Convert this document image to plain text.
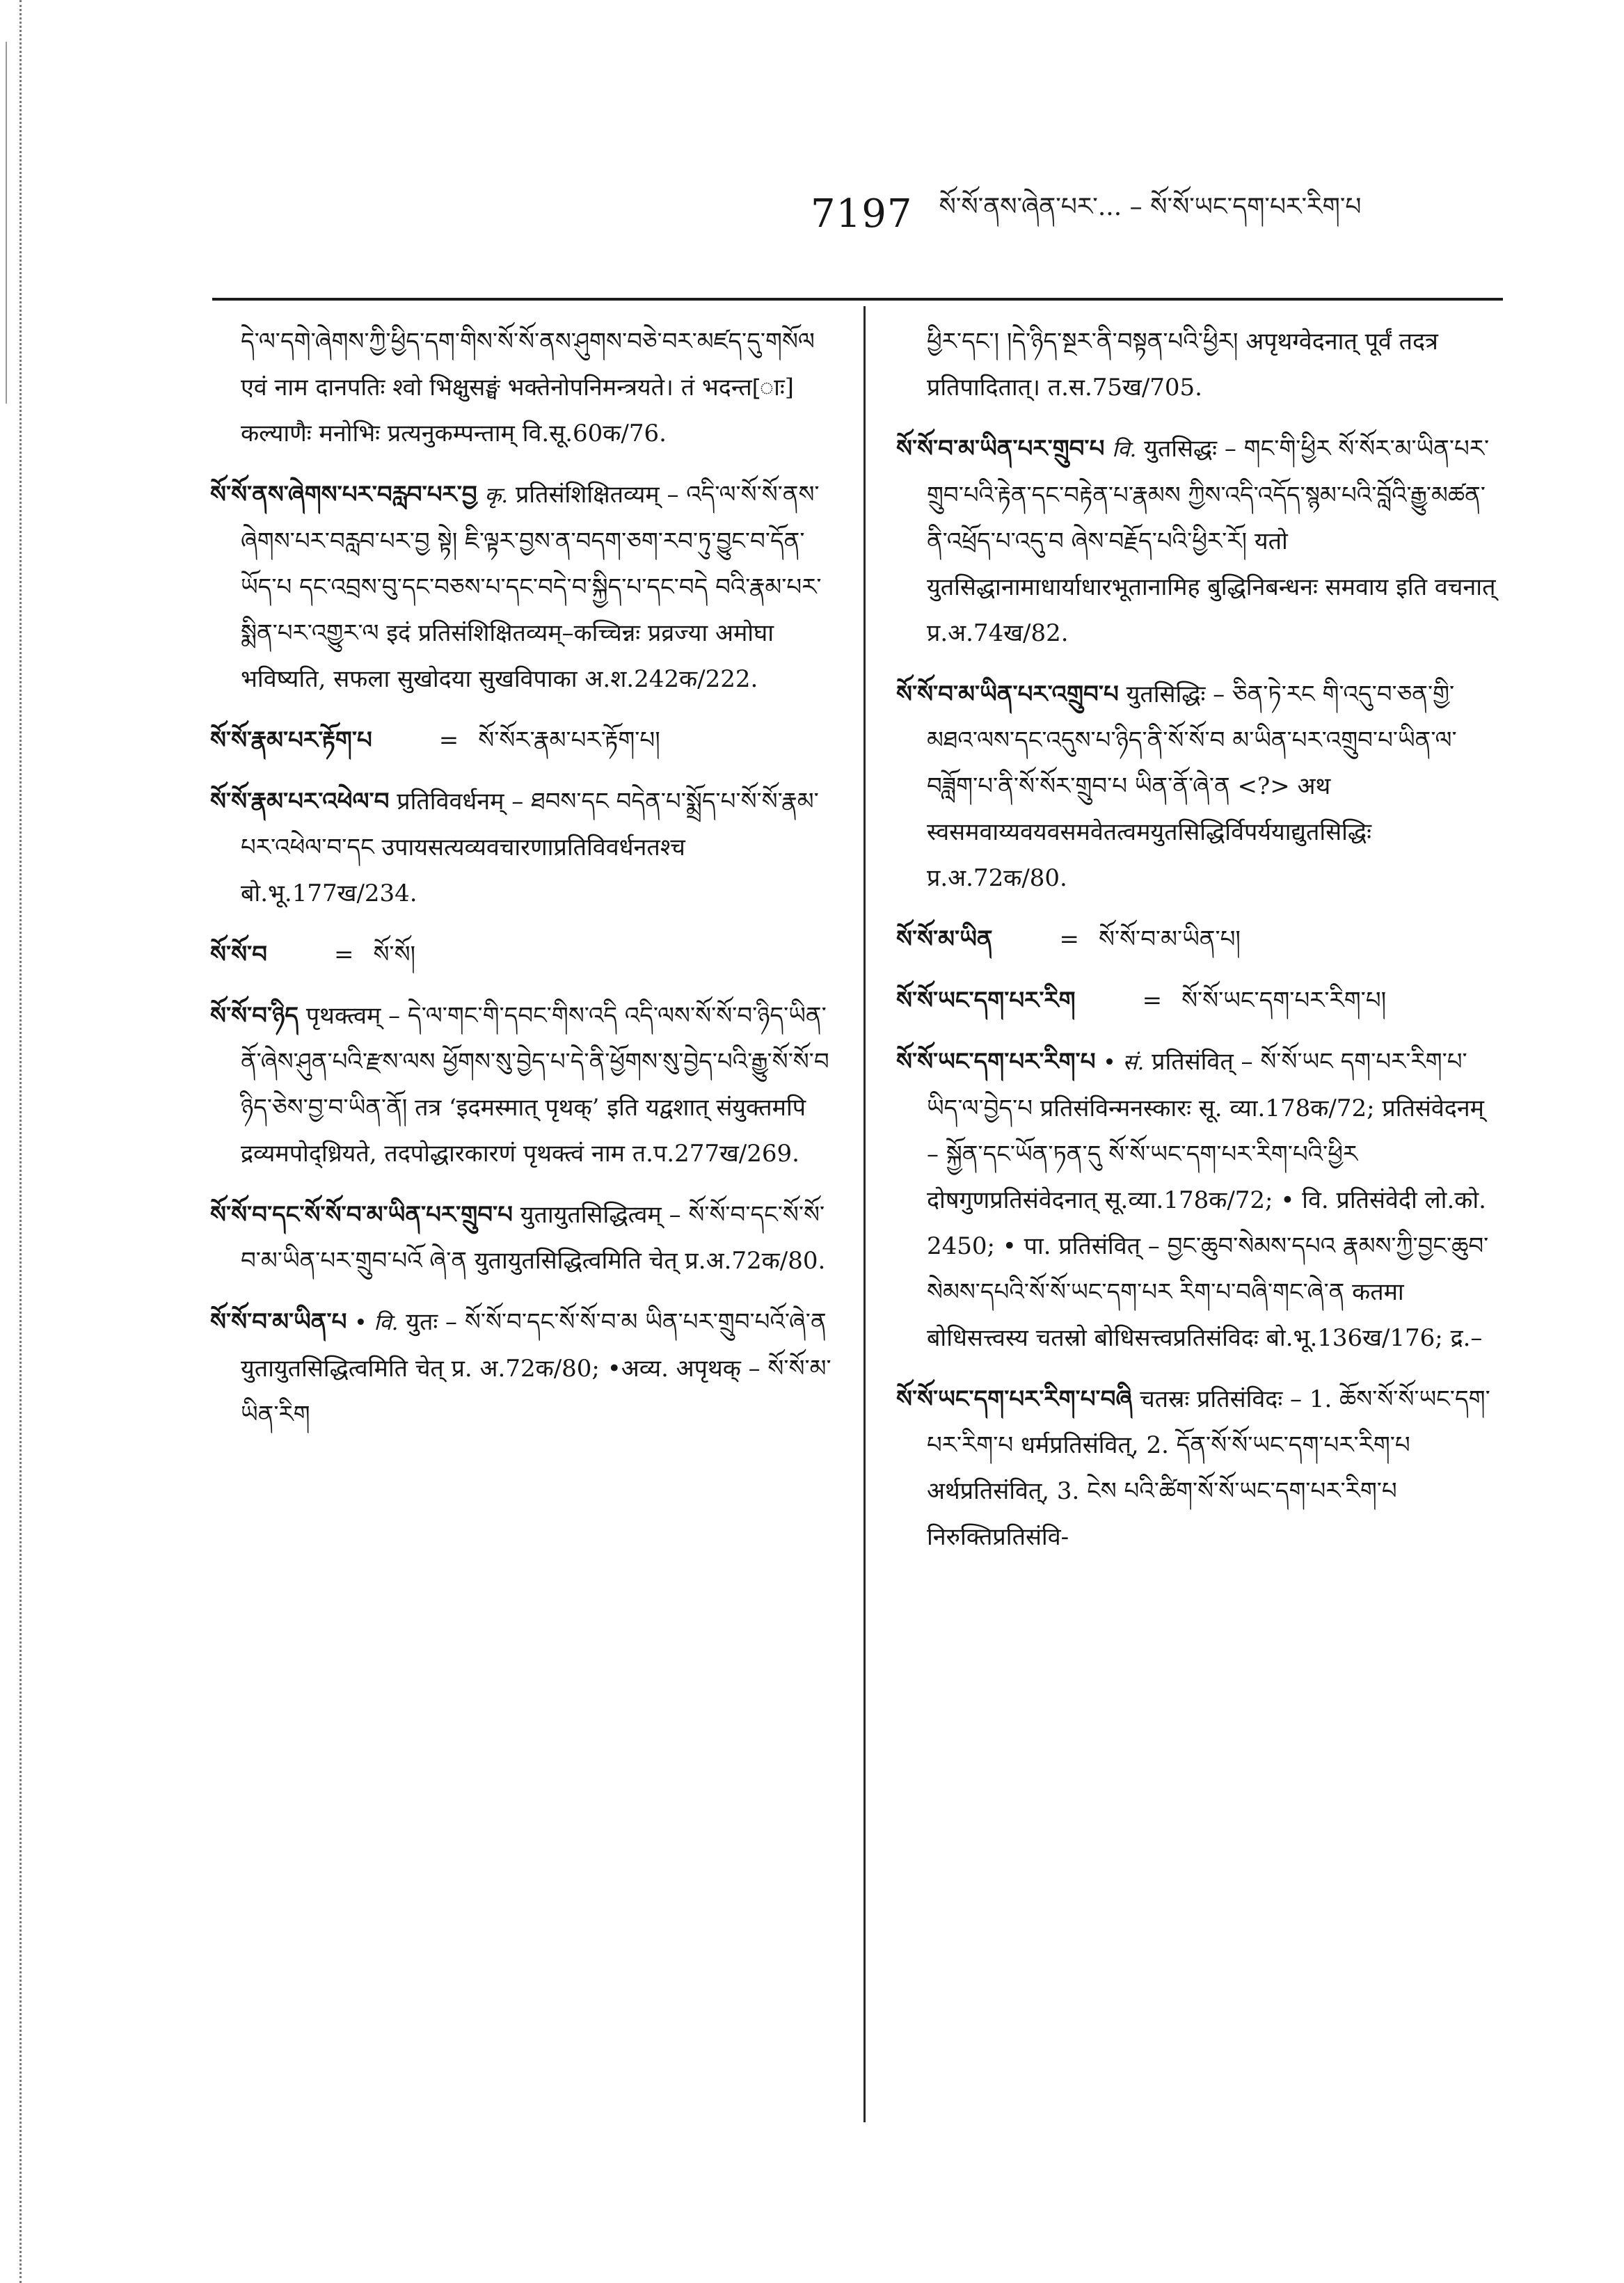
7197 སོ་སོ་ནས་ཞེན་པར་... – སོ་སོ་ཡང་དག་པར་རིག་པ

དེ་ལ་དགེ་ཞེགས་ཀྱི་ཕྱིད་དག་གིས་སོ་སོ་ནས་ཤུགས་བཅེ་བར་མཛད་དུ་གསོལ एवं नाम दानपतिः श्वो भिक्षुसङ्घं भक्तेनोपनिमन्त्रयते। तं भदन्त[ाः] कल्याणैः मनोभिः प्रत्यनुकम्पन्ताम् वि.सू.60क/76.

སོ་སོ་ནས་ཞེགས་པར་བརླབ་པར་བྱ कृ. प्रतिसंशिक्षितव्यम् – འདི་ལ་སོ་སོ་ནས་ཞེགས་པར་བརླབ་པར་བྱ སྟེ། ཇི་ལྟར་བྱས་ན་བདག་ཅག་རབ་ཏུ་བྱུང་བ་དོན་ཡོད་པ དང་འབྲས་བུ་དང་བཅས་པ་དང་བདེ་བ་སྐྱིད་པ་དང་བདེ བའི་རྣམ་པར་སྨིན་པར་འགྱུར་ལ इदं प्रतिसंशिक्षितव्यम्–कच्चिन्नः प्रव्रज्या अमोघा भविष्यति, सफला सुखोदया सुखविपाका अ.श.242क/222.

སོ་སོ་རྣམ་པར་རྟོག་པ	= སོ་སོར་རྣམ་པར་རྟོག་པ།

སོ་སོ་རྣམ་པར་འཕེལ་བ प्रतिविवर्धनम् – ཐབས་དང བདེན་པ་སྨྲོད་པ་སོ་སོ་རྣམ་པར་འཕེལ་བ་དང उपायसत्यव्यवचारणाप्रतिविवर्धनतश्च बो.भू.177ख/234.

སོ་སོ་བ	= སོ་སོ།

སོ་སོ་བ་ཉིད पृथक्त्वम् – དེ་ལ་གང་གི་དབང་གིས་འདི འདི་ལས་སོ་སོ་བ་ཉིད་ཡིན་ནོ་ཞེས་ཤུན་པའི་རྫས་ལས ཕྱོགས་སུ་བྱེད་པ་དེ་ནི་ཕྱོགས་སུ་བྱེད་པའི་རྒྱུ་སོ་སོ་བ ཉིད་ཅེས་བྱ་བ་ཡིན་ནོ། तत्र ‘इदमस्मात् पृथक्’ इति यद्वशात् संयुक्तमपि द्रव्यमपोद्ध्रियते, तदपोद्धारकारणं पृथक्त्वं नाम त.प.277ख/269.

སོ་སོ་བ་དང་སོ་སོ་བ་མ་ཡིན་པར་གྲུབ་པ युतायुतसिद्धित्वम् – སོ་སོ་བ་དང་སོ་སོ་བ་མ་ཡིན་པར་གྲུབ་པའོ ཞེ་ན युतायुतसिद्धित्वमिति चेत् प्र.अ.72क/80.

སོ་སོ་བ་མ་ཡིན་པ • वि. युतः – སོ་སོ་བ་དང་སོ་སོ་བ་མ ཡིན་པར་གྲུབ་པའོ་ཞེ་ན युतायुतसिद्धित्वमिति चेत् प्र. अ.72क/80; •अव्य. अपृथक् – སོ་སོ་མ་ཡིན་རིག

ཕྱིར་དང་། །དེ་ཉིད་སྔར་ནི་བསྟན་པའི་ཕྱིར། अपृथग्वेदनात् पूर्वं तदत्र प्रतिपादितात्। त.स.75ख/705.

སོ་སོ་བ་མ་ཡིན་པར་གྲུབ་པ वि. युतसिद्धः – གང་གི་ཕྱིར སོ་སོར་མ་ཡིན་པར་གྲུབ་པའི་རྟེན་དང་བརྟེན་པ་རྣམས ཀྱིས་འདི་འདོད་སྙམ་པའི་བློའི་རྒྱུ་མཚན་ནི་འཕྲོད་པ་འདུ་བ ཞེས་བརྗོད་པའི་ཕྱིར་རོ། यतो युतसिद्धानामाधार्याधारभूतानामिह बुद्धिनिबन्धनः समवाय इति वचनात् प्र.अ.74ख/82.

སོ་སོ་བ་མ་ཡིན་པར་འགྲུབ་པ युतसिद्धिः – ཅིན་ཏེ་རང གི་འདུ་བ་ཅན་གྱི་མཐའ་ལས་དང་འདུས་པ་ཉིད་ནི་སོ་སོ་བ མ་ཡིན་པར་འགྲུབ་པ་ཡིན་ལ་བཟློག་པ་ནི་སོ་སོར་གྲུབ་པ ཡིན་ནོ་ཞེ་ན <?> अथ स्वसमवाय्यवयवसमवेतत्वमयुतसिद्धिर्विपर्ययाद्युतसिद्धिः प्र.अ.72क/80.

སོ་སོ་མ་ཡིན	= སོ་སོ་བ་མ་ཡིན་པ།

སོ་སོ་ཡང་དག་པར་རིག	= སོ་སོ་ཡང་དག་པར་རིག་པ།

སོ་སོ་ཡང་དག་པར་རིག་པ • सं. प्रतिसंवित् – སོ་སོ་ཡང དག་པར་རིག་པ་ཡིད་ལ་བྱེད་པ प्रतिसंविन्मनस्कारः सू. व्या.178क/72; प्रतिसंवेदनम् – སྐྱོན་དང་ཡོན་ཏན་དུ སོ་སོ་ཡང་དག་པར་རིག་པའི་ཕྱིར दोषगुणप्रतिसंवेदनात् सू.व्या.178क/72; • वि. प्रतिसंवेदी लो.को. 2450; • पा. प्रतिसंवित् – བྱང་ཆུབ་སེམས་དཔའ རྣམས་ཀྱི་བྱང་ཆུབ་སེམས་དཔའི་སོ་སོ་ཡང་དག་པར རིག་པ་བཞི་གང་ཞེ་ན कतमा बोधिसत्त्वस्य चतस्रो बोधिसत्त्वप्रतिसंविदः बो.भू.136ख/176; द्र.–

སོ་སོ་ཡང་དག་པར་རིག་པ་བཞི चतस्रः प्रतिसंविदः – 1. ཆོས་སོ་སོ་ཡང་དག་པར་རིག་པ धर्मप्रतिसंवित्, 2. དོན་སོ་སོ་ཡང་དག་པར་རིག་པ अर्थप्रतिसंवित्, 3. ངེས པའི་ཚིག་སོ་སོ་ཡང་དག་པར་རིག་པ निरुक्तिप्रतिसंवि-
